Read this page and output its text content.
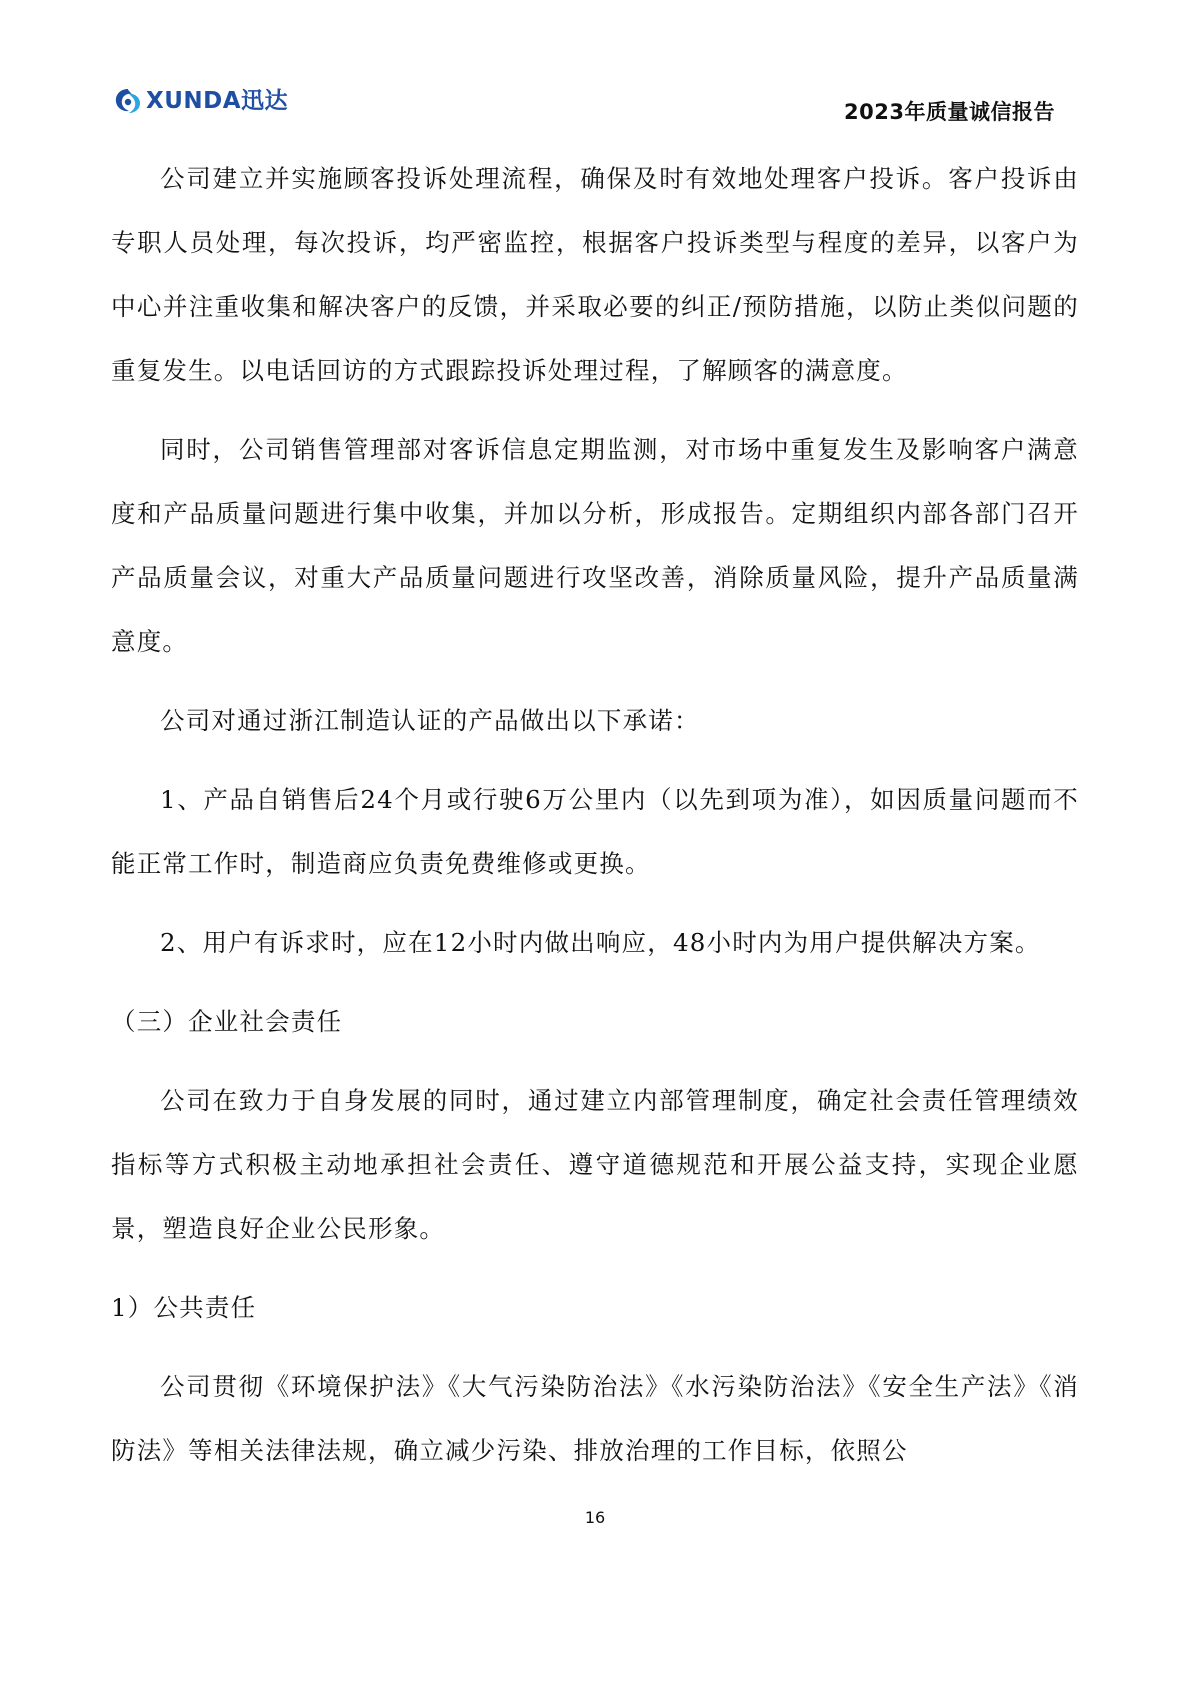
XUNDA迅达	2023年质量诚信报告

公司建立并实施顾客投诉处理流程，确保及时有效地处理客户投诉。客户投诉由专职人员处理，每次投诉，均严密监控，根据客户投诉类型与程度的差异，以客户为中心并注重收集和解决客户的反馈，并采取必要的纠正/预防措施，以防止类似问题的重复发生。以电话回访的方式跟踪投诉处理过程，了解顾客的满意度。

同时，公司销售管理部对客诉信息定期监测，对市场中重复发生及影响客户满意度和产品质量问题进行集中收集，并加以分析，形成报告。定期组织内部各部门召开产品质量会议，对重大产品质量问题进行攻坚改善，消除质量风险，提升产品质量满意度。

公司对通过浙江制造认证的产品做出以下承诺：

1、产品自销售后24个月或行驶6万公里内（以先到项为准），如因质量问题而不能正常工作时，制造商应负责免费维修或更换。

2、用户有诉求时，应在12小时内做出响应，48小时内为用户提供解决方案。

（三）企业社会责任

公司在致力于自身发展的同时，通过建立内部管理制度，确定社会责任管理绩效指标等方式积极主动地承担社会责任、遵守道德规范和开展公益支持，实现企业愿景，塑造良好企业公民形象。

1）公共责任

公司贯彻《环境保护法》《大气污染防治法》《水污染防治法》《安全生产法》《消防法》等相关法律法规，确立减少污染、排放治理的工作目标，依照公

16
